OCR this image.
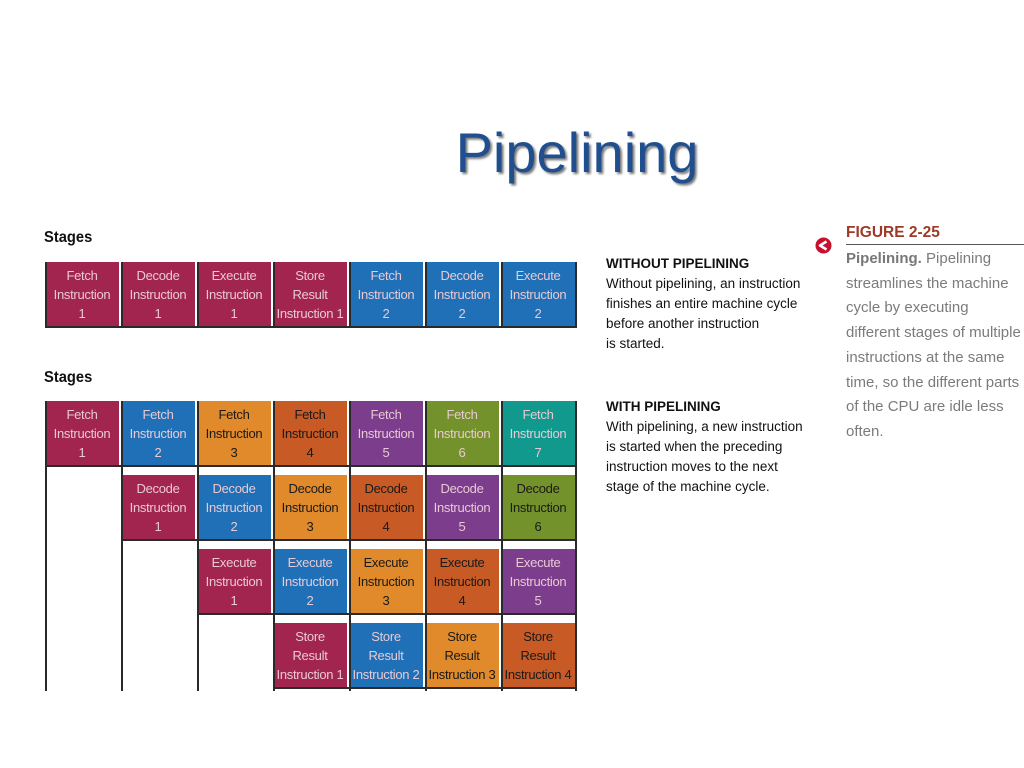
Pipelining
Stages
Stages
WITHOUT PIPELINING
Without pipelining, an instruction
finishes an entire machine cycle
before another instruction
is started.
WITH PIPELINING
With pipelining, a new instruction
is started when the preceding
instruction moves to the next
stage of the machine cycle.
FIGURE 2-25
Pipelining. Pipelining streamlines the machine cycle by executing different stages of multiple instructions at the same time, so the different parts of the CPU are idle less often.
Fetch
Instruction
1
Decode
Instruction
1
Execute
Instruction
1
Store
Result
Instruction 1
Fetch
Instruction
2
Decode
Instruction
2
Execute
Instruction
2
Fetch
Instruction
1
Fetch
Instruction
2
Fetch
Instruction
3
Fetch
Instruction
4
Fetch
Instruction
5
Fetch
Instruction
6
Fetch
Instruction
7
Decode
Instruction
1
Decode
Instruction
2
Decode
Instruction
3
Decode
Instruction
4
Decode
Instruction
5
Decode
Instruction
6
Execute
Instruction
1
Execute
Instruction
2
Execute
Instruction
3
Execute
Instruction
4
Execute
Instruction
5
Store
Result
Instruction 1
Store
Result
Instruction 2
Store
Result
Instruction 3
Store
Result
Instruction 4
